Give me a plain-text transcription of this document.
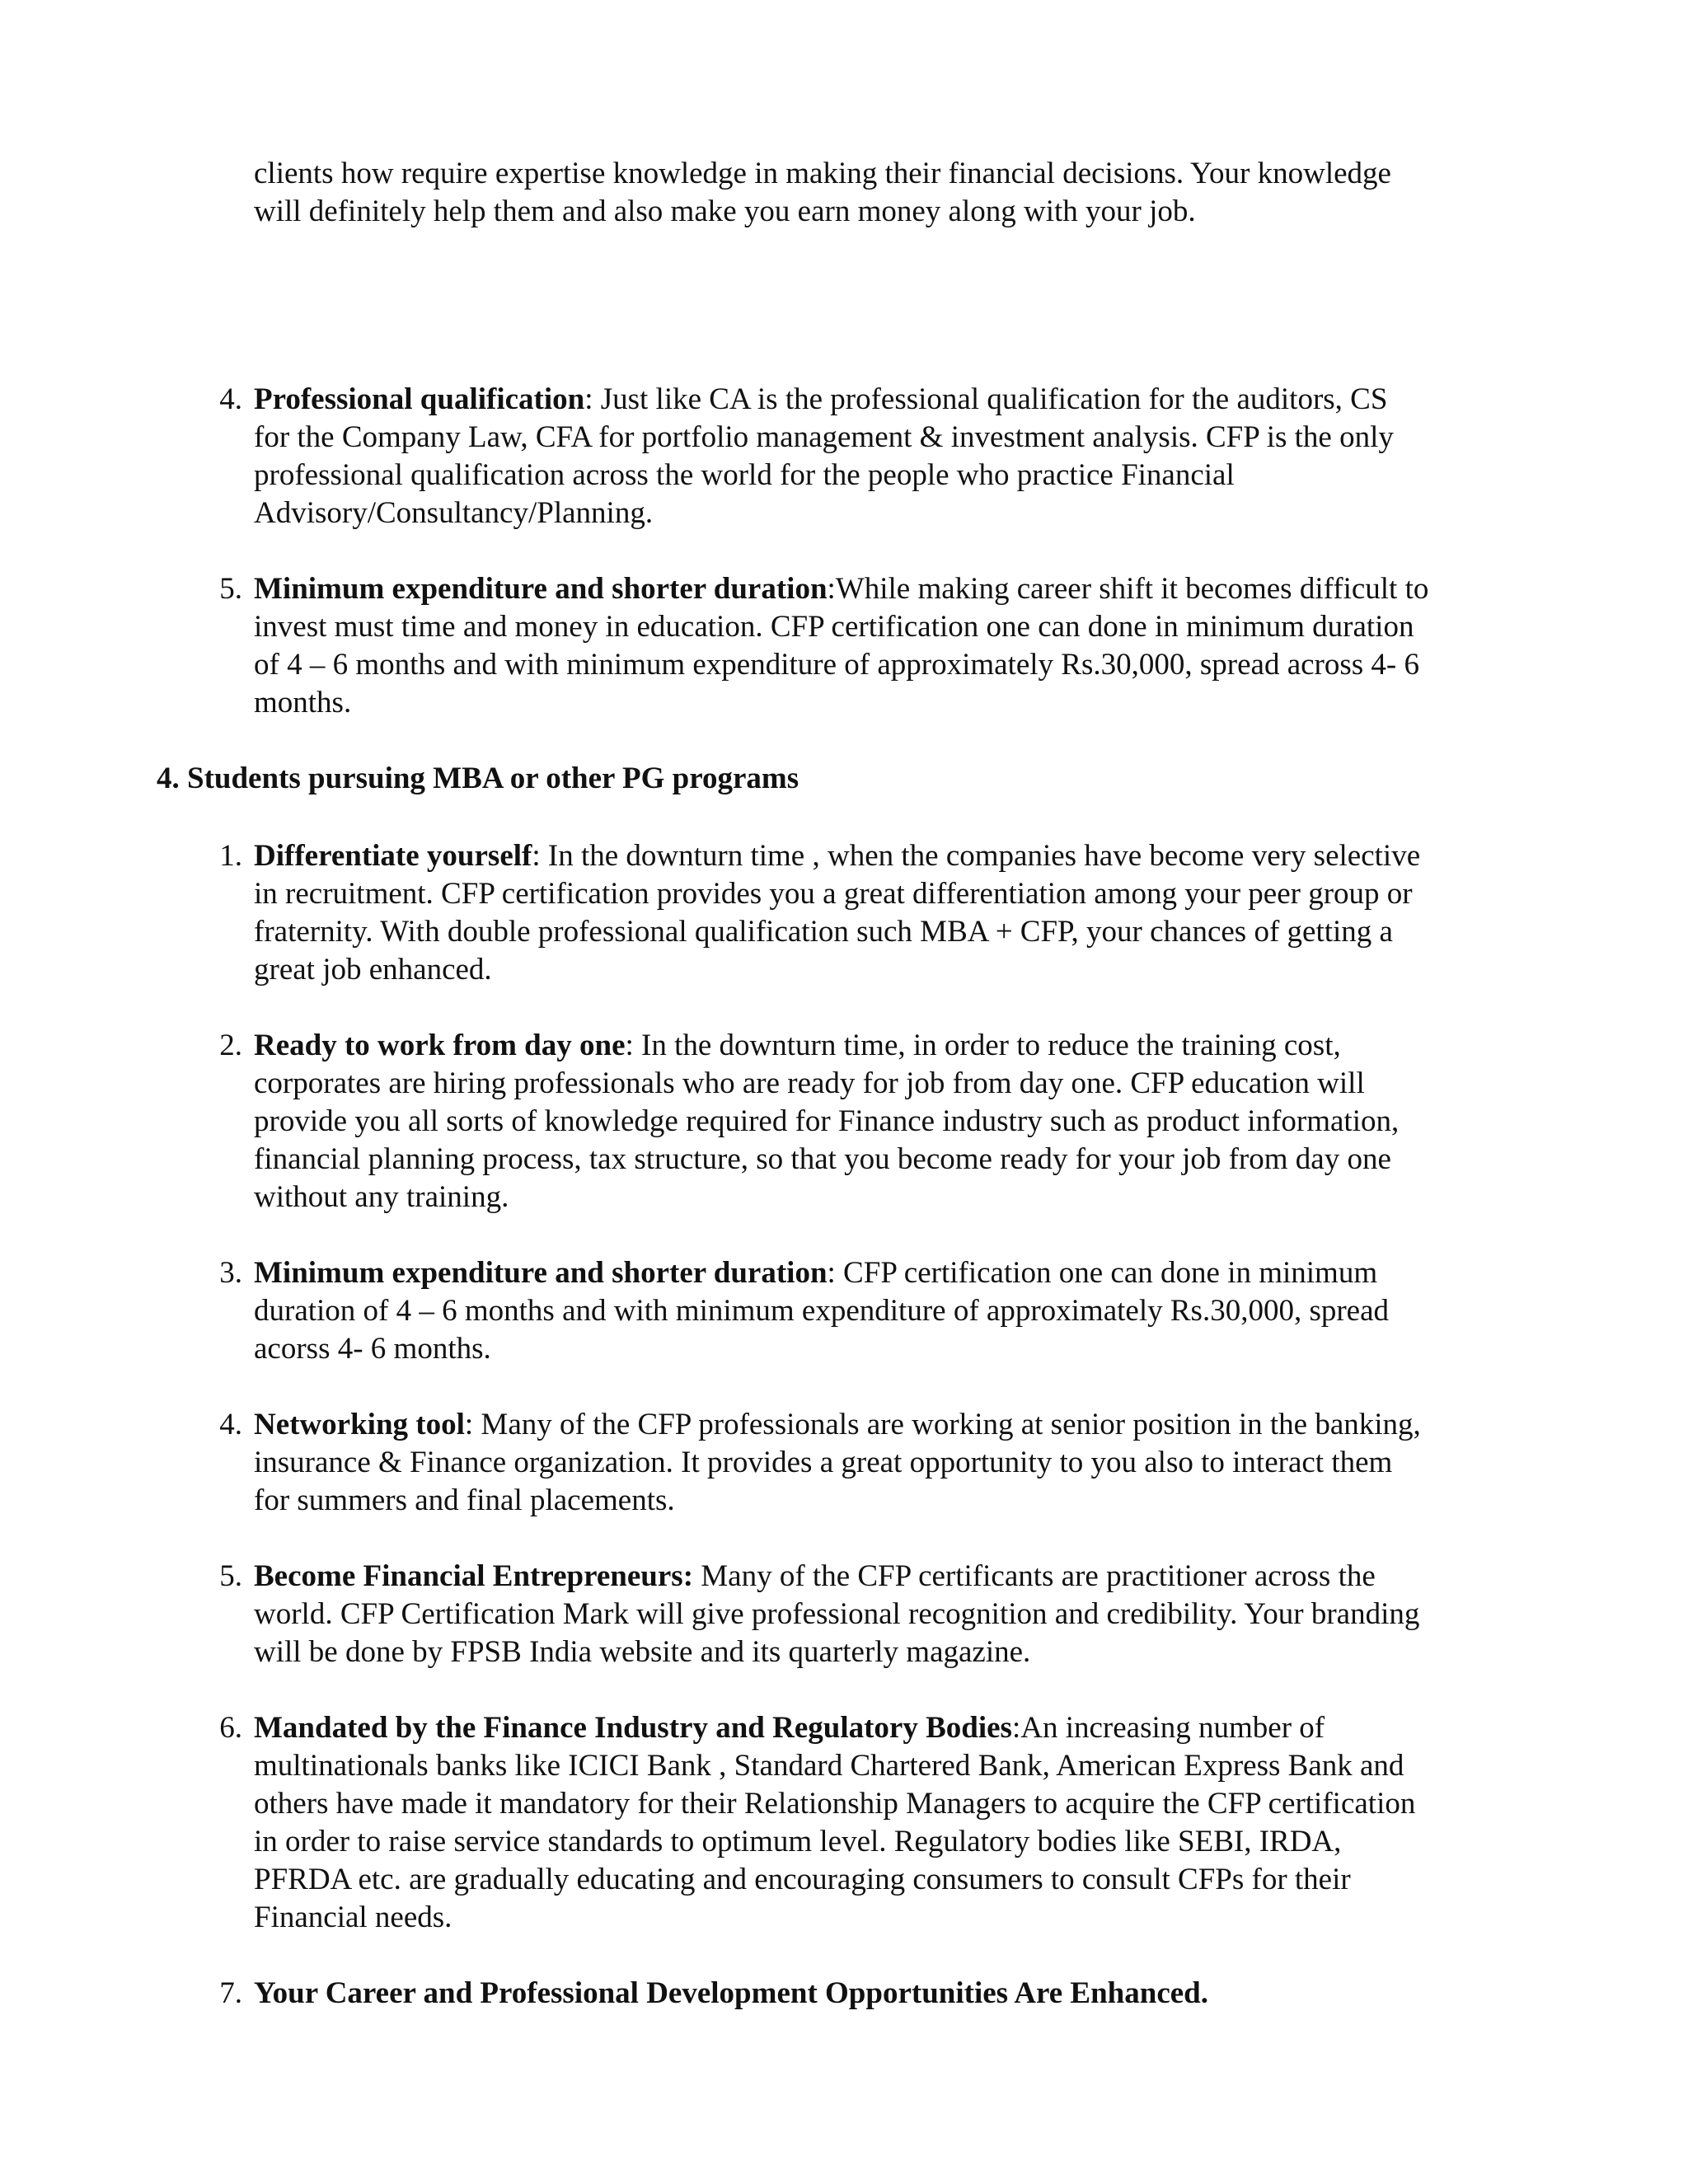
clients how require expertise knowledge in making their financial decisions. Your knowledge
will definitely help them and also make you earn money along with your job.
4. Professional qualification: Just like CA is the professional qualification for the auditors, CS
for the Company Law, CFA for portfolio management & investment analysis. CFP is the only
professional qualification across the world for the people who practice Financial
Advisory/Consultancy/Planning.
5. Minimum expenditure and shorter duration:While making career shift it becomes difficult to
invest must time and money in education. CFP certification one can done in minimum duration
of 4 – 6 months and with minimum expenditure of approximately Rs.30,000, spread across 4- 6
months.
4. Students pursuing MBA or other PG programs
1. Differentiate yourself: In the downturn time , when the companies have become very selective
in recruitment. CFP certification provides you a great differentiation among your peer group or
fraternity. With double professional qualification such MBA + CFP, your chances of getting a
great job enhanced.
2. Ready to work from day one: In the downturn time, in order to reduce the training cost,
corporates are hiring professionals who are ready for job from day one. CFP education will
provide you all sorts of knowledge required for Finance industry such as product information,
financial planning process, tax structure, so that you become ready for your job from day one
without any training.
3. Minimum expenditure and shorter duration: CFP certification one can done in minimum
duration of 4 – 6 months and with minimum expenditure of approximately Rs.30,000, spread
acorss 4- 6 months.
4. Networking tool: Many of the CFP professionals are working at senior position in the banking,
insurance & Finance organization. It provides a great opportunity to you also to interact them
for summers and final placements.
5. Become Financial Entrepreneurs: Many of the CFP certificants are practitioner across the
world. CFP Certification Mark will give professional recognition and credibility. Your branding
will be done by FPSB India website and its quarterly magazine.
6. Mandated by the Finance Industry and Regulatory Bodies:An increasing number of
multinationals banks like ICICI Bank , Standard Chartered Bank, American Express Bank and
others have made it mandatory for their Relationship Managers to acquire the CFP certification
in order to raise service standards to optimum level. Regulatory bodies like SEBI, IRDA,
PFRDA etc. are gradually educating and encouraging consumers to consult CFPs for their
Financial needs.
7. Your Career and Professional Development Opportunities Are Enhanced.
